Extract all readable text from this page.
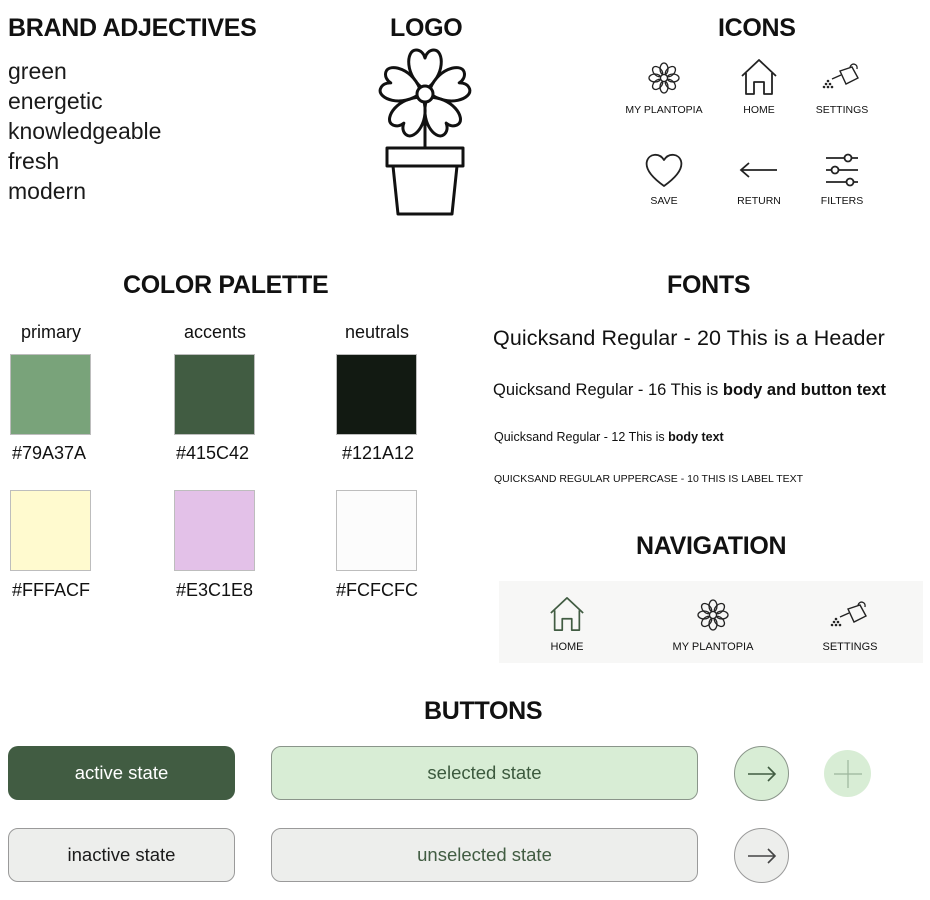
BRAND ADJECTIVES
green
energetic
knowledgeable
fresh
modern
LOGO	ICONS
MY PLANTOPIA	HOME	SETTINGS
SAVE	RETURN	FILTERS
COLOR PALETTE
primary	accents	neutrals
#79A37A	#415C42	#121A12
#FFFACF	#E3C1E8	#FCFCFC
FONTS
Quicksand Regular - 20 This is a Header
Quicksand Regular - 16 This is body and button text
Quicksand Regular - 12 This is body text
QUICKSAND REGULAR UPPERCASE - 10 THIS IS LABEL TEXT
NAVIGATION
HOME	MY PLANTOPIA	SETTINGS
BUTTONS
active state	selected state
inactive state	unselected state
